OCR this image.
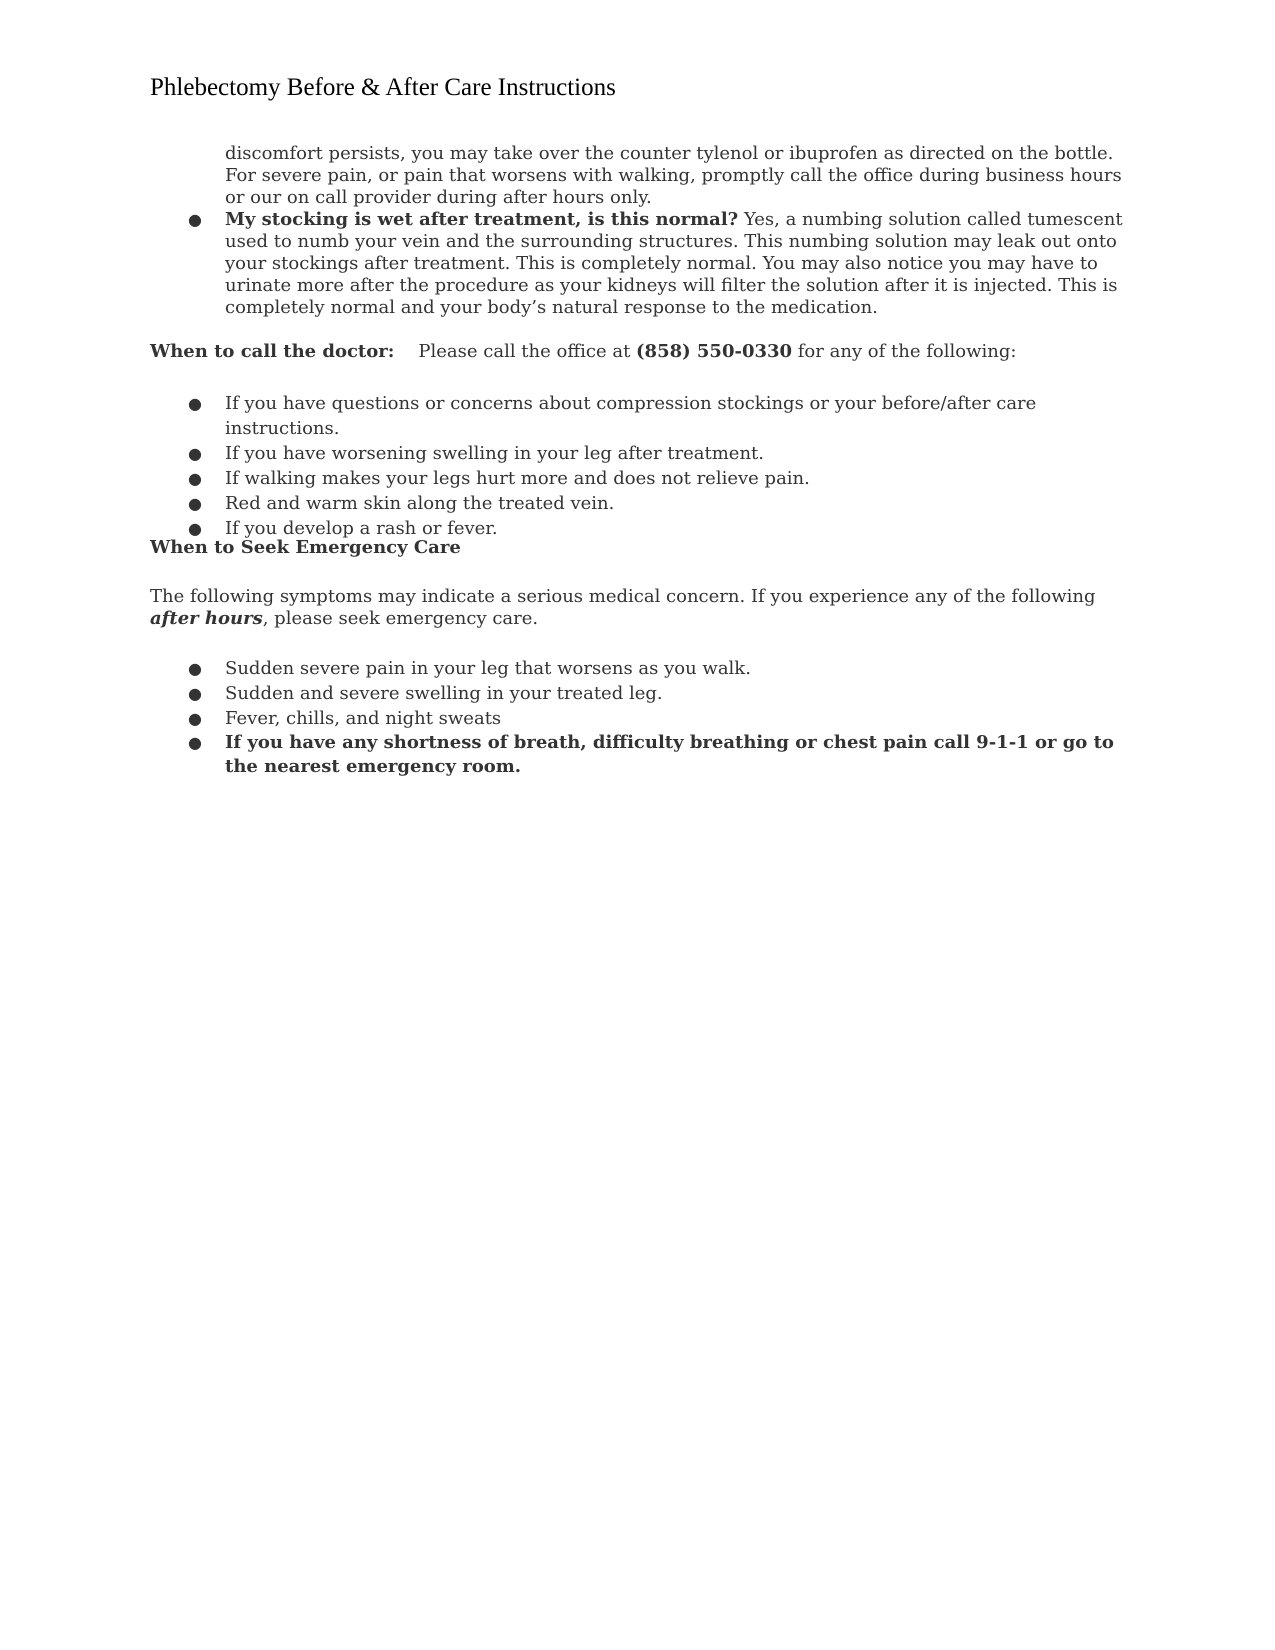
Phlebectomy Before & After Care Instructions
discomfort persists, you may take over the counter tylenol or ibuprofen as directed on the bottle. For severe pain, or pain that worsens with walking, promptly call the office during business hours or our on call provider during after hours only.
● My stocking is wet after treatment, is this normal? Yes, a numbing solution called tumescent used to numb your vein and the surrounding structures. This numbing solution may leak out onto your stockings after treatment. This is completely normal. You may also notice you may have to urinate more after the procedure as your kidneys will filter the solution after it is injected. This is completely normal and your body’s natural response to the medication.
When to call the doctor: Please call the office at (858) 550-0330 for any of the following:
● If you have questions or concerns about compression stockings or your before/after care instructions.
● If you have worsening swelling in your leg after treatment.
● If walking makes your legs hurt more and does not relieve pain.
● Red and warm skin along the treated vein.
● If you develop a rash or fever.
When to Seek Emergency Care
The following symptoms may indicate a serious medical concern. If you experience any of the following after hours, please seek emergency care.
● Sudden severe pain in your leg that worsens as you walk.
● Sudden and severe swelling in your treated leg.
● Fever, chills, and night sweats
● If you have any shortness of breath, difficulty breathing or chest pain call 9-1-1 or go to the nearest emergency room.
